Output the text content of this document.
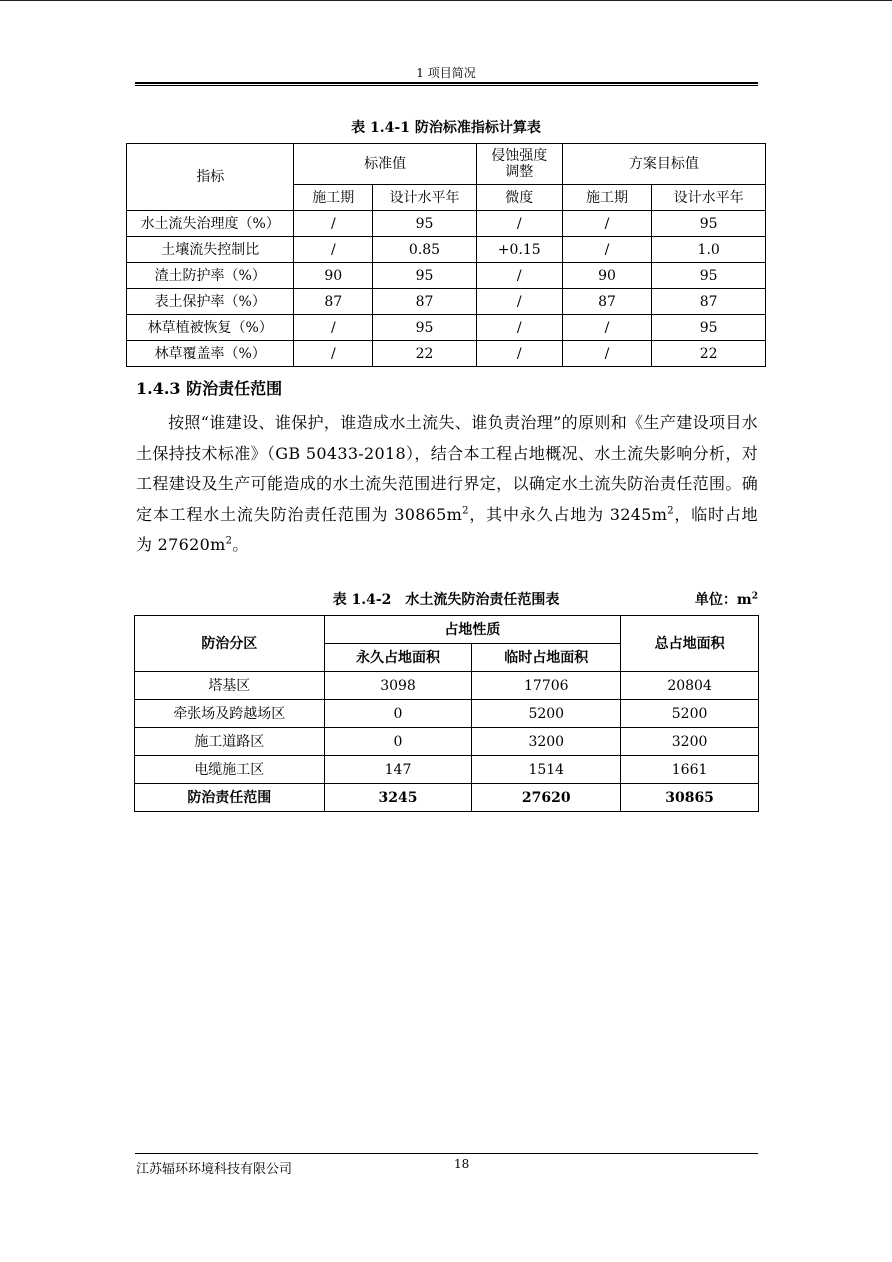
1 项目简况
表 1.4-1 防治标准指标计算表
指标	标准值		侵蚀强度调整	方案目标值	
	施工期	设计水平年	微度	施工期	设计水平年
水土流失治理度（%）	/	95	/	/	95
土壤流失控制比	/	0.85	+0.15	/	1.0
渣土防护率（%）	90	95	/	90	95
表土保护率（%）	87	87	/	87	87
林草植被恢复（%）	/	95	/	/	95
林草覆盖率（%）	/	22	/	/	22
1.4.3 防治责任范围
按照“谁建设、谁保护，谁造成水土流失、谁负责治理”的原则和《生产建设项目水土保持技术标准》（GB 50433-2018），结合本工程占地概况、水土流失影响分析，对工程建设及生产可能造成的水土流失范围进行界定，以确定水土流失防治责任范围。确定本工程水土流失防治责任范围为 $30865m^2$，其中永久占地为 $3245m^2$，临时占地为 $27620m^2$。
表 1.4-2　水土流失防治责任范围表	单位：$m^2$
防治分区	占地性质		总占地面积
	永久占地面积	临时占地面积	
塔基区	3098	17706	20804
牵张场及跨越场区	0	5200	5200
施工道路区	0	3200	3200
电缆施工区	147	1514	1661
防治责任范围	3245	27620	30865
江苏辐环环境科技有限公司	18
